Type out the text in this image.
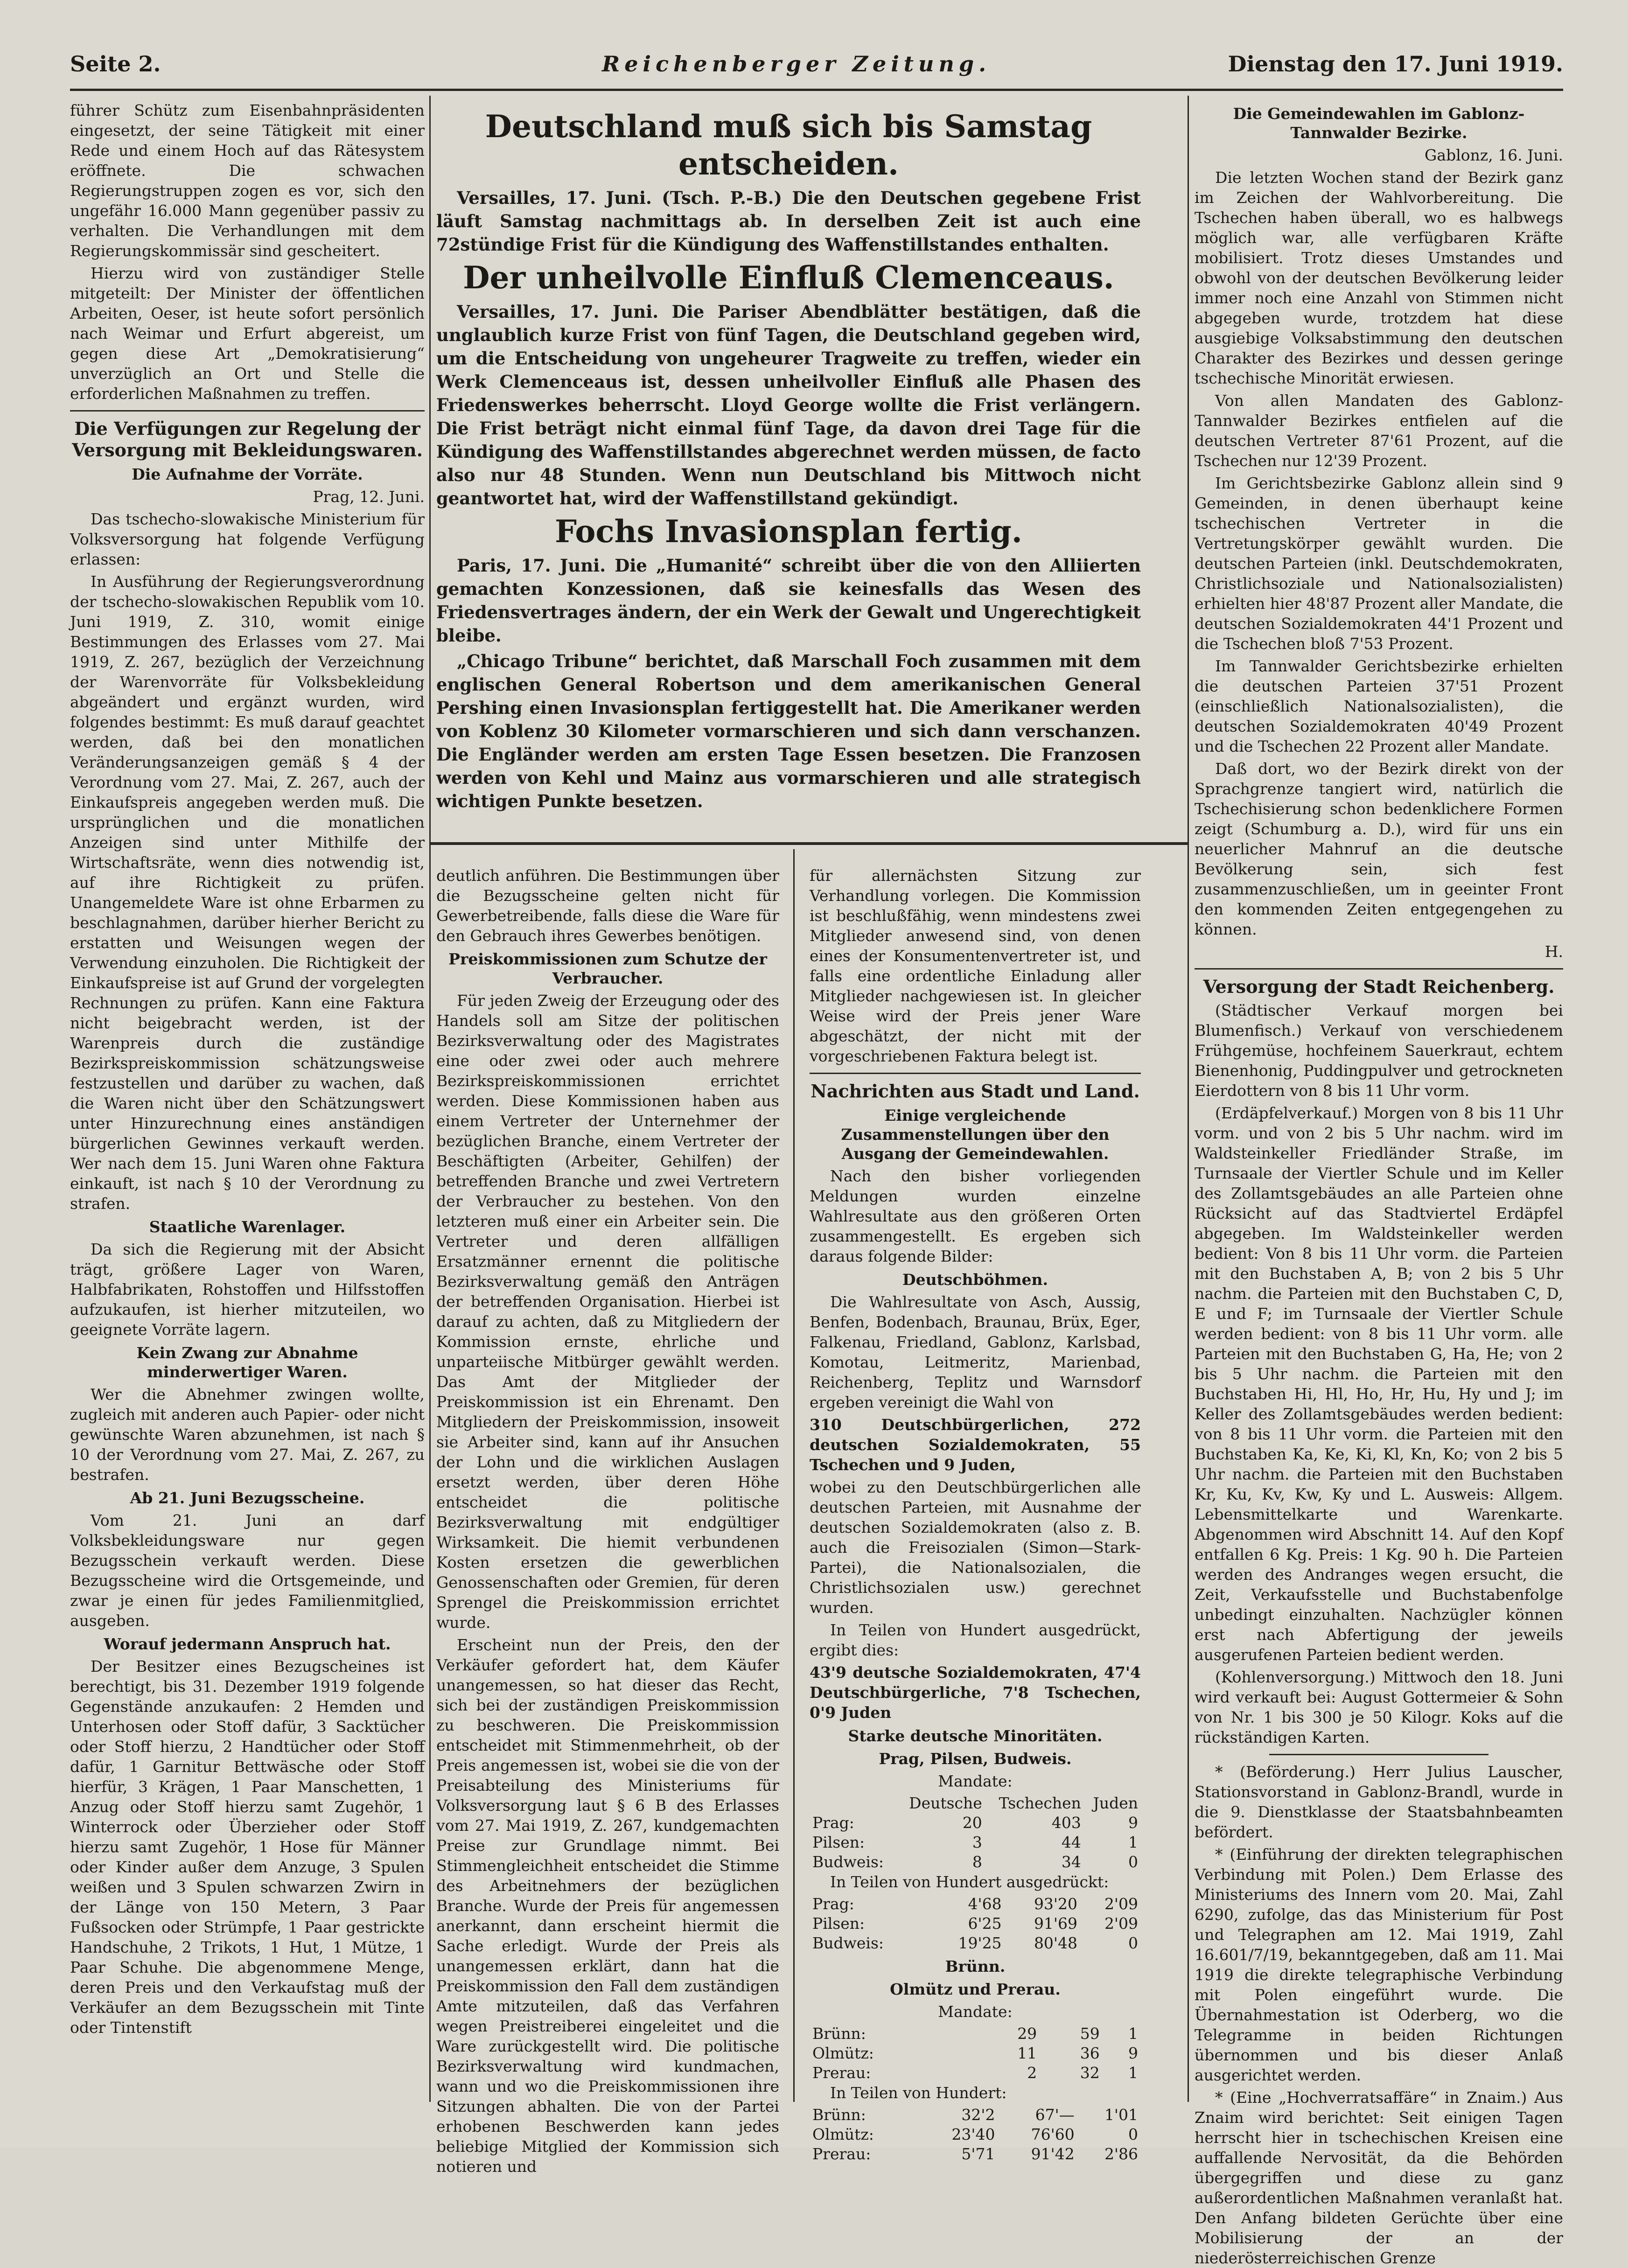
Seite 2.	Reichenberger Zeitung.	Dienstag den 17. Juni 1919.

führer Schütz zum Eisenbahnpräsidenten eingesetzt, der seine Tätigkeit mit einer Rede und einem Hoch auf das Rätesystem eröffnete. Die schwachen Regierungstruppen zogen es vor, sich den ungefähr 16.000 Mann gegenüber passiv zu verhalten. Die Verhandlungen mit dem Regierungskommissär sind gescheitert.

Hierzu wird von zuständiger Stelle mitgeteilt: Der Minister der öffentlichen Arbeiten, Oeser, ist heute sofort persönlich nach Weimar und Erfurt abgereist, um gegen diese Art „Demokratisierung“ unverzüglich an Ort und Stelle die erforderlichen Maßnahmen zu treffen.

Die Verfügungen zur Regelung der Versorgung mit Bekleidungswaren.
Die Aufnahme der Vorräte.

Prag, 12. Juni.

Das tschecho-slowakische Ministerium für Volksversorgung hat folgende Verfügung erlassen:

In Ausführung der Regierungsverordnung der tschecho-slowakischen Republik vom 10. Juni 1919, Z. 310, womit einige Bestimmungen des Erlasses vom 27. Mai 1919, Z. 267, bezüglich der Verzeichnung der Warenvorräte für Volksbekleidung abgeändert und ergänzt wurden, wird folgendes bestimmt: Es muß darauf geachtet werden, daß bei den monatlichen Veränderungsanzeigen gemäß § 4 der Verordnung vom 27. Mai, Z. 267, auch der Einkaufspreis angegeben werden muß. Die ursprünglichen und die monatlichen Anzeigen sind unter Mithilfe der Wirtschaftsräte, wenn dies notwendig ist, auf ihre Richtigkeit zu prüfen. Unangemeldete Ware ist ohne Erbarmen zu beschlagnahmen, darüber hierher Bericht zu erstatten und Weisungen wegen der Verwendung einzuholen. Die Richtigkeit der Einkaufspreise ist auf Grund der vorgelegten Rechnungen zu prüfen. Kann eine Faktura nicht beigebracht werden, ist der Warenpreis durch die zuständige Bezirkspreiskommission schätzungsweise festzustellen und darüber zu wachen, daß die Waren nicht über den Schätzungswert unter Hinzurechnung eines anständigen bürgerlichen Gewinnes verkauft werden. Wer nach dem 15. Juni Waren ohne Faktura einkauft, ist nach § 10 der Verordnung zu strafen.

Staatliche Warenlager.

Da sich die Regierung mit der Absicht trägt, größere Lager von Waren, Halbfabrikaten, Rohstoffen und Hilfsstoffen aufzukaufen, ist hierher mitzuteilen, wo geeignete Vorräte lagern.

Kein Zwang zur Abnahme minderwertiger Waren.

Wer die Abnehmer zwingen wollte, zugleich mit anderen auch Papier- oder nicht gewünschte Waren abzunehmen, ist nach § 10 der Verordnung vom 27. Mai, Z. 267, zu bestrafen.

Ab 21. Juni Bezugsscheine.

Vom 21. Juni an darf Volksbekleidungsware nur gegen Bezugsschein verkauft werden. Diese Bezugsscheine wird die Ortsgemeinde, und zwar je einen für jedes Familienmitglied, ausgeben.

Worauf jedermann Anspruch hat.

Der Besitzer eines Bezugscheines ist berechtigt, bis 31. Dezember 1919 folgende Gegenstände anzukaufen: 2 Hemden und Unterhosen oder Stoff dafür, 3 Sacktücher oder Stoff hierzu, 2 Handtücher oder Stoff dafür, 1 Garnitur Bettwäsche oder Stoff hierfür, 3 Krägen, 1 Paar Manschetten, 1 Anzug oder Stoff hierzu samt Zugehör, 1 Winterrock oder Überzieher oder Stoff hierzu samt Zugehör, 1 Hose für Männer oder Kinder außer dem Anzuge, 3 Spulen weißen und 3 Spulen schwarzen Zwirn in der Länge von 150 Metern, 3 Paar Fußsocken oder Strümpfe, 1 Paar gestrickte Handschuhe, 2 Trikots, 1 Hut, 1 Mütze, 1 Paar Schuhe. Die abgenommene Menge, deren Preis und den Verkaufstag muß der Verkäufer an dem Bezugsschein mit Tinte oder Tintenstift

Deutschland muß sich bis Samstag entscheiden.

Versailles, 17. Juni. (Tsch. P.-B.) Die den Deutschen gegebene Frist läuft Samstag nachmittags ab. In derselben Zeit ist auch eine 72stündige Frist für die Kündigung des Waffenstillstandes enthalten.

Der unheilvolle Einfluß Clemenceaus.

Versailles, 17. Juni. Die Pariser Abendblätter bestätigen, daß die unglaublich kurze Frist von fünf Tagen, die Deutschland gegeben wird, um die Entscheidung von ungeheurer Tragweite zu treffen, wieder ein Werk Clemenceaus ist, dessen unheilvoller Einfluß alle Phasen des Friedenswerkes beherrscht. Lloyd George wollte die Frist verlängern. Die Frist beträgt nicht einmal fünf Tage, da davon drei Tage für die Kündigung des Waffenstillstandes abgerechnet werden müssen, de facto also nur 48 Stunden. Wenn nun Deutschland bis Mittwoch nicht geantwortet hat, wird der Waffenstillstand gekündigt.

Fochs Invasionsplan fertig.

Paris, 17. Juni. Die „Humanité“ schreibt über die von den Alliierten gemachten Konzessionen, daß sie keinesfalls das Wesen des Friedensvertrages ändern, der ein Werk der Gewalt und Ungerechtigkeit bleibe.

„Chicago Tribune“ berichtet, daß Marschall Foch zusammen mit dem englischen General Robertson und dem amerikanischen General Pershing einen Invasionsplan fertiggestellt hat. Die Amerikaner werden von Koblenz 30 Kilometer vormarschieren und sich dann verschanzen. Die Engländer werden am ersten Tage Essen besetzen. Die Franzosen werden von Kehl und Mainz aus vormarschieren und alle strategisch wichtigen Punkte besetzen.

deutlich anführen. Die Bestimmungen über die Bezugsscheine gelten nicht für Gewerbetreibende, falls diese die Ware für den Gebrauch ihres Gewerbes benötigen.

Preiskommissionen zum Schutze der Verbraucher.

Für jeden Zweig der Erzeugung oder des Handels soll am Sitze der politischen Bezirksverwaltung oder des Magistrates eine oder zwei oder auch mehrere Bezirkspreiskommissionen errichtet werden. Diese Kommissionen haben aus einem Vertreter der Unternehmer der bezüglichen Branche, einem Vertreter der Beschäftigten (Arbeiter, Gehilfen) der betreffenden Branche und zwei Vertretern der Verbraucher zu bestehen. Von den letzteren muß einer ein Arbeiter sein. Die Vertreter und deren allfälligen Ersatzmänner ernennt die politische Bezirksverwaltung gemäß den Anträgen der betreffenden Organisation. Hierbei ist darauf zu achten, daß zu Mitgliedern der Kommission ernste, ehrliche und unparteiische Mitbürger gewählt werden. Das Amt der Mitglieder der Preiskommission ist ein Ehrenamt. Den Mitgliedern der Preiskommission, insoweit sie Arbeiter sind, kann auf ihr Ansuchen der Lohn und die wirklichen Auslagen ersetzt werden, über deren Höhe entscheidet die politische Bezirksverwaltung mit endgültiger Wirksamkeit. Die hiemit verbundenen Kosten ersetzen die gewerblichen Genossenschaften oder Gremien, für deren Sprengel die Preiskommission errichtet wurde.

Erscheint nun der Preis, den der Verkäufer gefordert hat, dem Käufer unangemessen, so hat dieser das Recht, sich bei der zuständigen Preiskommission zu beschweren. Die Preiskommission entscheidet mit Stimmenmehrheit, ob der Preis angemessen ist, wobei sie die von der Preisabteilung des Ministeriums für Volksversorgung laut § 6 B des Erlasses vom 27. Mai 1919, Z. 267, kundgemachten Preise zur Grundlage nimmt. Bei Stimmengleichheit entscheidet die Stimme des Arbeitnehmers der bezüglichen Branche. Wurde der Preis für angemessen anerkannt, dann erscheint hiermit die Sache erledigt. Wurde der Preis als unangemessen erklärt, dann hat die Preiskommission den Fall dem zuständigen Amte mitzuteilen, daß das Verfahren wegen Preistreiberei eingeleitet und die Ware zurückgestellt wird. Die politische Bezirksverwaltung wird kundmachen, wann und wo die Preiskommissionen ihre Sitzungen abhalten. Die von der Partei erhobenen Beschwerden kann jedes beliebige Mitglied der Kommission sich notieren und

für allernächsten Sitzung zur Verhandlung vorlegen. Die Kommission ist beschlußfähig, wenn mindestens zwei Mitglieder anwesend sind, von denen eines der Konsumentenvertreter ist, und falls eine ordentliche Einladung aller Mitglieder nachgewiesen ist. In gleicher Weise wird der Preis jener Ware abgeschätzt, der nicht mit der vorgeschriebenen Faktura belegt ist.

Nachrichten aus Stadt und Land.
Einige vergleichende Zusammenstellungen über den Ausgang der Gemeindewahlen.

Nach den bisher vorliegenden Meldungen wurden einzelne Wahlresultate aus den größeren Orten zusammengestellt. Es ergeben sich daraus folgende Bilder:

Deutschböhmen.

Die Wahlresultate von Asch, Aussig, Benfen, Bodenbach, Braunau, Brüx, Eger, Falkenau, Friedland, Gablonz, Karlsbad, Komotau, Leitmeritz, Marienbad, Reichenberg, Teplitz und Warnsdorf ergeben vereinigt die Wahl von

310 Deutschbürgerlichen, 272 deutschen Sozialdemokraten, 55 Tschechen und 9 Juden,

wobei zu den Deutschbürgerlichen alle deutschen Parteien, mit Ausnahme der deutschen Sozialdemokraten (also z. B. auch die Freisozialen (Simon—Stark-Partei), die Nationalsozialen, die Christlichsozialen usw.) gerechnet wurden.

In Teilen von Hundert ausgedrückt, ergibt dies:

43'9 deutsche Sozialdemokraten, 47'4 Deutschbürgerliche, 7'8 Tschechen, 0'9 Juden

Starke deutsche Minoritäten.
Prag, Pilsen, Budweis.

Mandate:

	Deutsche	Tschechen	Juden
Prag:	20	403	9
Pilsen:	3	44	1
Budweis:	8	34	0

In Teilen von Hundert ausgedrückt:

Prag:	4'68	93'20	2'09
Pilsen:	6'25	91'69	2'09
Budweis:	19'25	80'48	0
Brünn.
Olmütz und Prerau.

Mandate:

Brünn:	29	59	1
Olmütz:	11	36	9
Prerau:	2	32	1

In Teilen von Hundert:

Brünn:	32'2	67'—	1'01
Olmütz:	23'40	76'60	0
Prerau:	5'71	91'42	2'86
Die Gemeindewahlen im Gablonz-Tannwalder Bezirke.

Gablonz, 16. Juni.

Die letzten Wochen stand der Bezirk ganz im Zeichen der Wahlvorbereitung. Die Tschechen haben überall, wo es halbwegs möglich war, alle verfügbaren Kräfte mobilisiert. Trotz dieses Umstandes und obwohl von der deutschen Bevölkerung leider immer noch eine Anzahl von Stimmen nicht abgegeben wurde, trotzdem hat diese ausgiebige Volksabstimmung den deutschen Charakter des Bezirkes und dessen geringe tschechische Minorität erwiesen.

Von allen Mandaten des Gablonz-Tannwalder Bezirkes entfielen auf die deutschen Vertreter 87'61 Prozent, auf die Tschechen nur 12'39 Prozent.

Im Gerichtsbezirke Gablonz allein sind 9 Gemeinden, in denen überhaupt keine tschechischen Vertreter in die Vertretungskörper gewählt wurden. Die deutschen Parteien (inkl. Deutschdemokraten, Christlichsoziale und Nationalsozialisten) erhielten hier 48'87 Prozent aller Mandate, die deutschen Sozialdemokraten 44'1 Prozent und die Tschechen bloß 7'53 Prozent.

Im Tannwalder Gerichtsbezirke erhielten die deutschen Parteien 37'51 Prozent (einschließlich Nationalsozialisten), die deutschen Sozialdemokraten 40'49 Prozent und die Tschechen 22 Prozent aller Mandate.

Daß dort, wo der Bezirk direkt von der Sprachgrenze tangiert wird, natürlich die Tschechisierung schon bedenklichere Formen zeigt (Schumburg a. D.), wird für uns ein neuerlicher Mahnruf an die deutsche Bevölkerung sein, sich fest zusammenzuschließen, um in geeinter Front den kommenden Zeiten entgegengehen zu können.

H.

Versorgung der Stadt Reichenberg.

(Städtischer Verkauf morgen bei Blumenfisch.) Verkauf von verschiedenem Frühgemüse, hochfeinem Sauerkraut, echtem Bienenhonig, Puddingpulver und getrockneten Eierdottern von 8 bis 11 Uhr vorm.

(Erdäpfelverkauf.) Morgen von 8 bis 11 Uhr vorm. und von 2 bis 5 Uhr nachm. wird im Waldsteinkeller Friedländer Straße, im Turnsaale der Viertler Schule und im Keller des Zollamtsgebäudes an alle Parteien ohne Rücksicht auf das Stadtviertel Erdäpfel abgegeben. Im Waldsteinkeller werden bedient: Von 8 bis 11 Uhr vorm. die Parteien mit den Buchstaben A, B; von 2 bis 5 Uhr nachm. die Parteien mit den Buchstaben C, D, E und F; im Turnsaale der Viertler Schule werden bedient: von 8 bis 11 Uhr vorm. alle Parteien mit den Buchstaben G, Ha, He; von 2 bis 5 Uhr nachm. die Parteien mit den Buchstaben Hi, Hl, Ho, Hr, Hu, Hy und J; im Keller des Zollamtsgebäudes werden bedient: von 8 bis 11 Uhr vorm. die Parteien mit den Buchstaben Ka, Ke, Ki, Kl, Kn, Ko; von 2 bis 5 Uhr nachm. die Parteien mit den Buchstaben Kr, Ku, Kv, Kw, Ky und L. Ausweis: Allgem. Lebensmittelkarte und Warenkarte. Abgenommen wird Abschnitt 14. Auf den Kopf entfallen 6 Kg. Preis: 1 Kg. 90 h. Die Parteien werden des Andranges wegen ersucht, die Zeit, Verkaufsstelle und Buchstabenfolge unbedingt einzuhalten. Nachzügler können erst nach Abfertigung der jeweils ausgerufenen Parteien bedient werden.

(Kohlenversorgung.) Mittwoch den 18. Juni wird verkauft bei: August Gottermeier & Sohn von Nr. 1 bis 300 je 50 Kilogr. Koks auf die rückständigen Karten.

* (Beförderung.) Herr Julius Lauscher, Stationsvorstand in Gablonz-Brandl, wurde in die 9. Dienstklasse der Staatsbahnbeamten befördert.

* (Einführung der direkten telegraphischen Verbindung mit Polen.) Dem Erlasse des Ministeriums des Innern vom 20. Mai, Zahl 6290, zufolge, das das Ministerium für Post und Telegraphen am 12. Mai 1919, Zahl 16.601/7/19, bekanntgegeben, daß am 11. Mai 1919 die direkte telegraphische Verbindung mit Polen eingeführt wurde. Die Übernahmestation ist Oderberg, wo die Telegramme in beiden Richtungen übernommen und bis dieser Anlaß ausgerichtet werden.

* (Eine „Hochverratsaffäre“ in Znaim.) Aus Znaim wird berichtet: Seit einigen Tagen herrscht hier in tschechischen Kreisen eine auffallende Nervosität, da die Behörden übergegriffen und diese zu ganz außerordentlichen Maßnahmen veranlaßt hat. Den Anfang bildeten Gerüchte über eine Mobilisierung der an der niederösterreichischen Grenze
